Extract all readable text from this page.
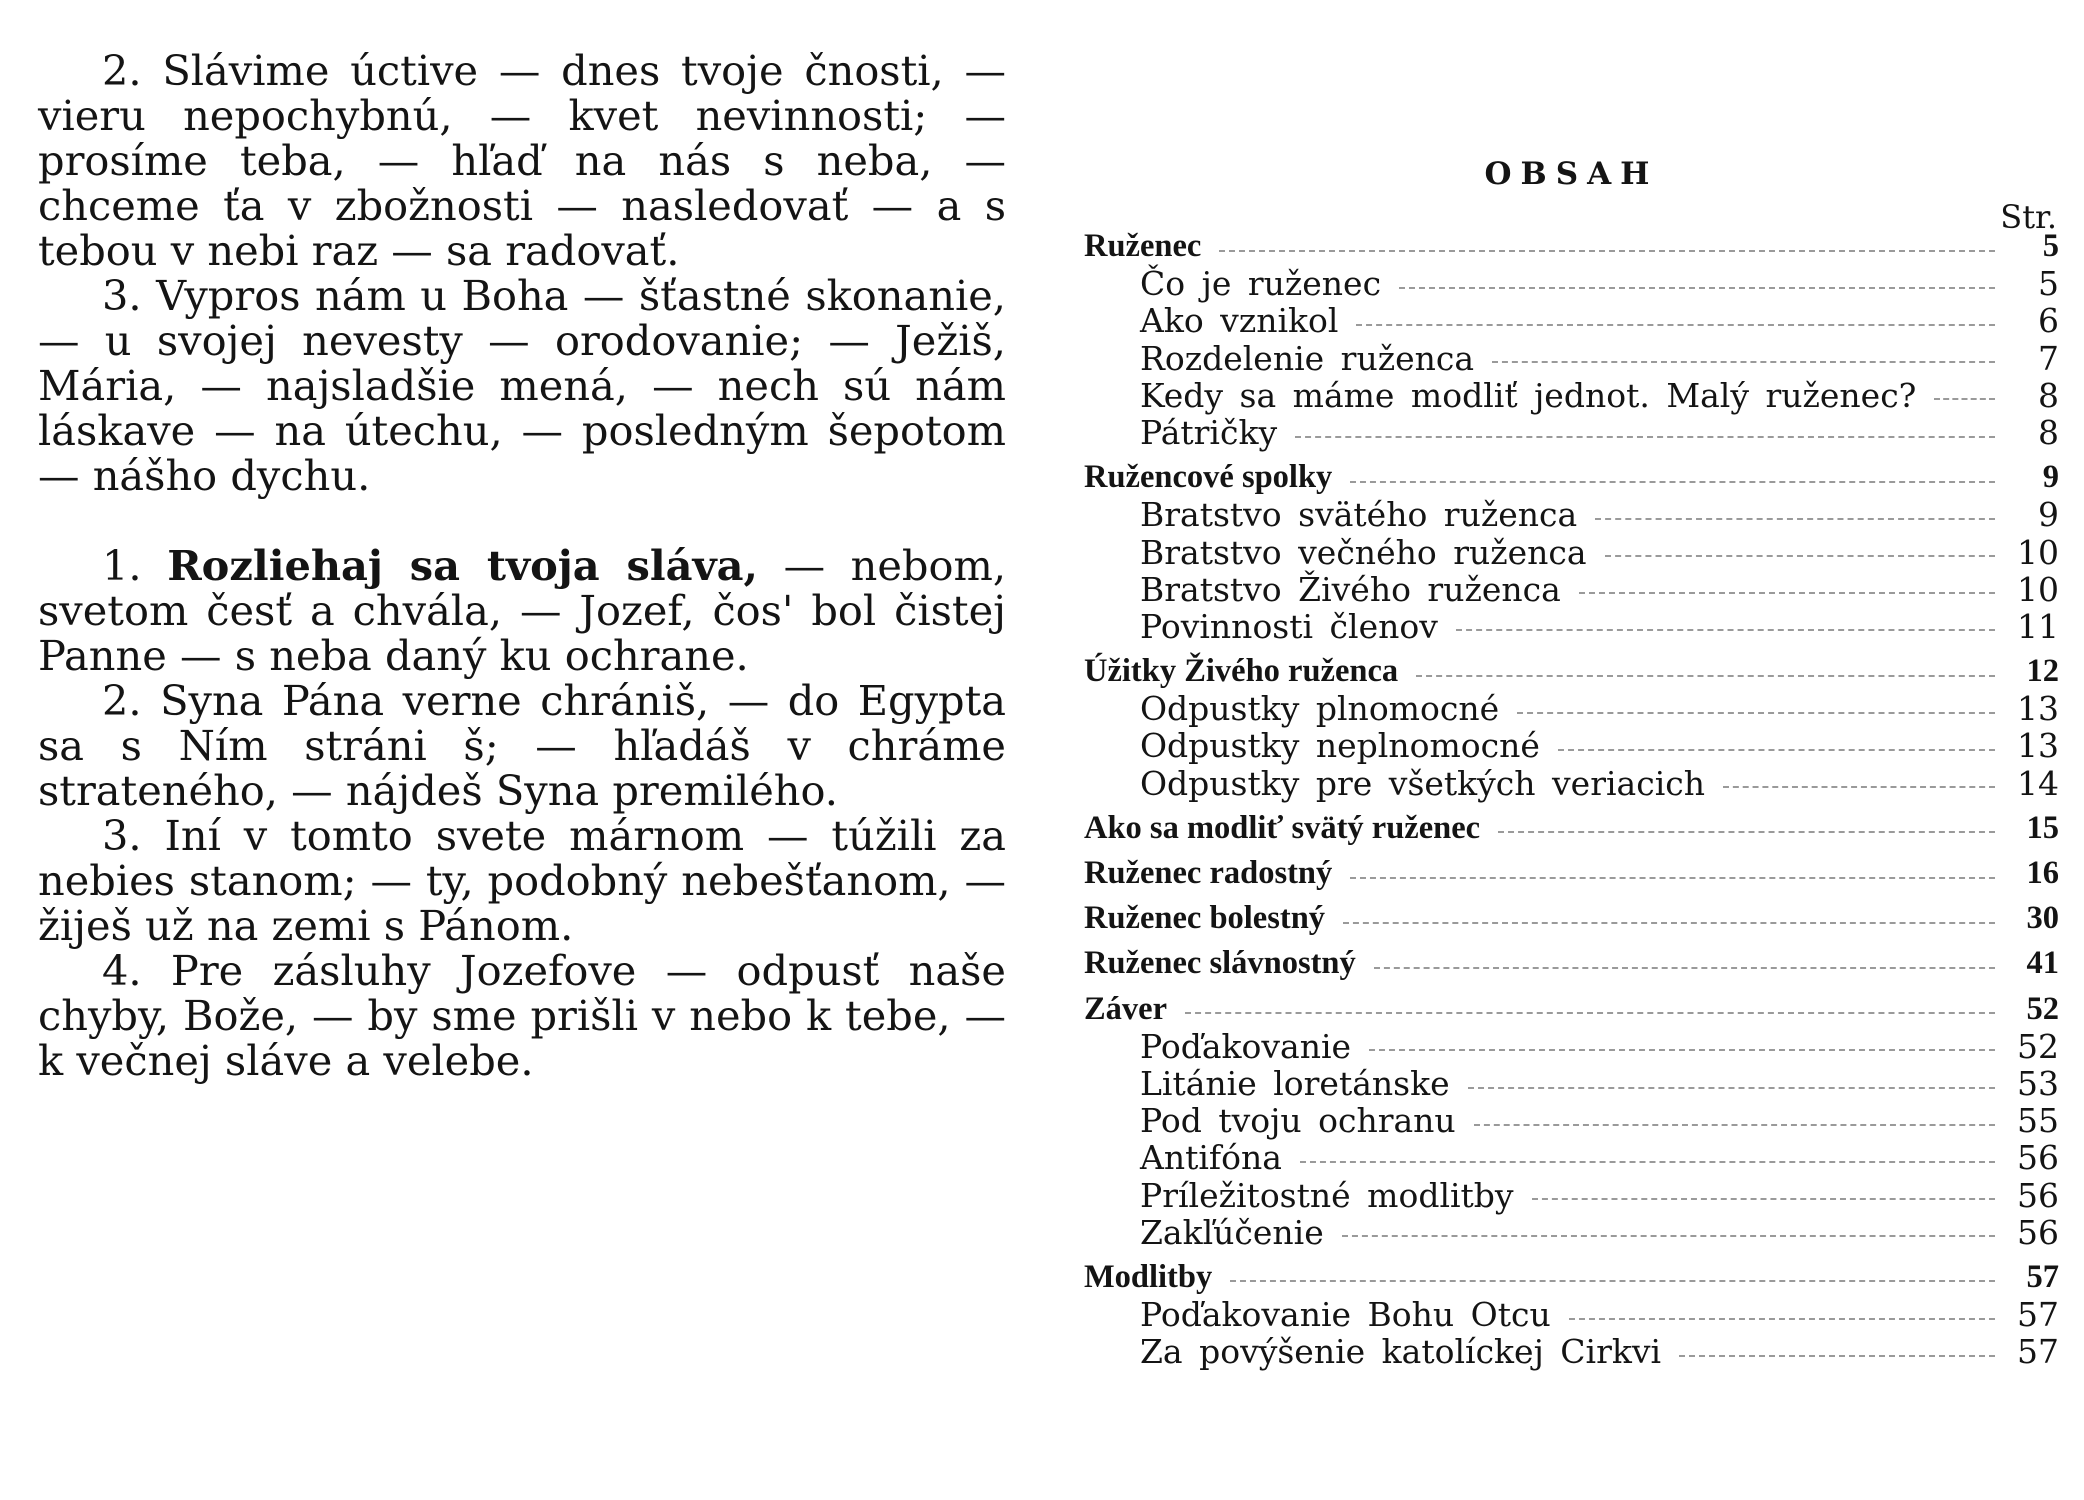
2. Slávime úctive — dnes tvoje čnosti, — vieru nepochybnú, — kvet nevinnosti; — prosíme teba, — hľaď na nás s neba, — chceme ťa v zbožnosti — nasledovať — a s tebou v nebi raz — sa radovať.

3. Vypros nám u Boha — šťastné skonanie, — u svojej nevesty — orodovanie; — Ježiš, Mária, — najsladšie mená, — nech sú nám láskave — na útechu, — posledným šepotom — nášho dychu.

1. Rozliehaj sa tvoja sláva, — nebom, svetom česť a chvála, — Jozef, čos' bol čistej Panne — s neba daný ku ochrane.

2. Syna Pána verne chrániš, — do Egypta sa s Ním stráni š; — hľadáš v chráme strateného, — nájdeš Syna premilého.

3. Iní v tomto svete márnom — túžili za nebies stanom; — ty, podobný nebešťanom, — žiješ už na zemi s Pánom.

4. Pre zásluhy Jozefove — odpusť naše chyby, Bože, — by sme prišli v nebo k tebe, — k večnej sláve a velebe.

OBSAH
Str.
Ruženec	5
Čo je ruženec	5
Ako vznikol	6
Rozdelenie ruženca	7
Kedy sa máme modliť jednot. Malý ruženec?	8
Pátričky	8
Ružencové spolky	9
Bratstvo svätého ruženca	9
Bratstvo večného ruženca	10
Bratstvo Živého ruženca	10
Povinnosti členov	11
Úžitky Živého ruženca	12
Odpustky plnomocné	13
Odpustky neplnomocné	13
Odpustky pre všetkých veriacich	14
Ako sa modliť svätý ruženec	15
Ruženec radostný	16
Ruženec bolestný	30
Ruženec slávnostný	41
Záver	52
Poďakovanie	52
Litánie loretánske	53
Pod tvoju ochranu	55
Antifóna	56
Príležitostné modlitby	56
Zakľúčenie	56
Modlitby	57
Poďakovanie Bohu Otcu	57
Za povýšenie katolíckej Cirkvi	57
